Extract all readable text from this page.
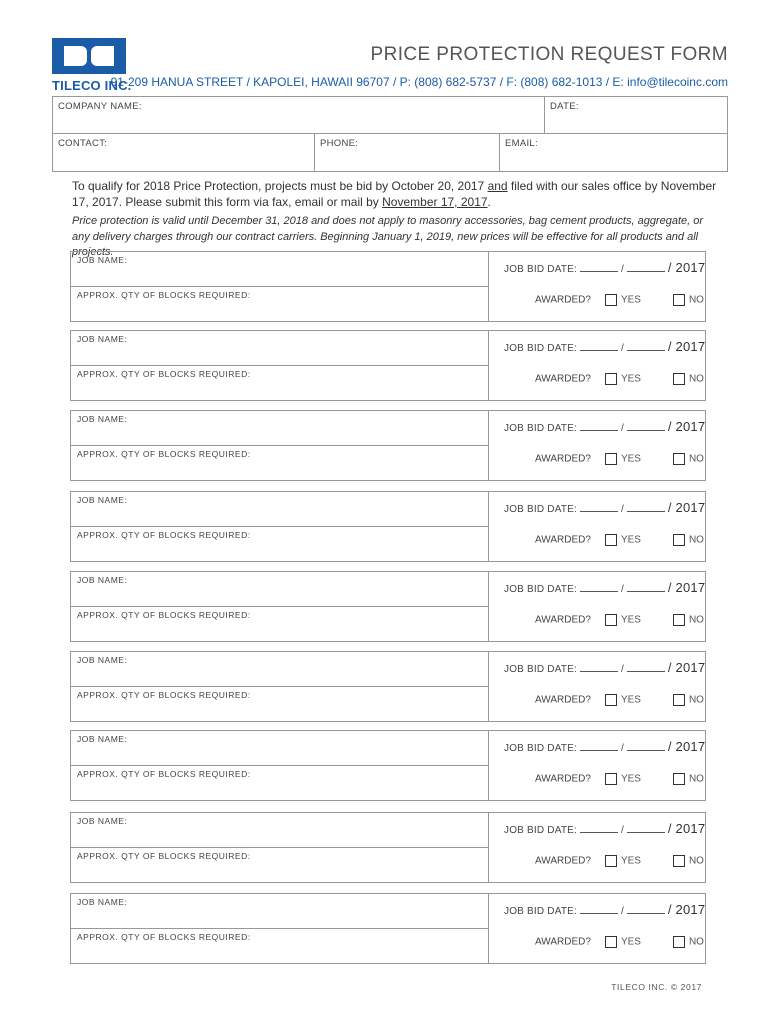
TILECO INC.
PRICE PROTECTION REQUEST FORM
91-209 HANUA STREET / KAPOLEI, HAWAII 96707 / P: (808) 682-5737 / F: (808) 682-1013 / E: info@tilecoinc.com
COMPANY NAME:	DATE:
CONTACT:	PHONE:	EMAIL:
To qualify for 2018 Price Protection, projects must be bid by October 20, 2017 and filed with our sales office by November 17, 2017. Please submit this form via fax, email or mail by November 17, 2017.
Price protection is valid until December 31, 2018 and does not apply to masonry accessories, bag cement products, aggregate, or any delivery charges through our contract carriers. Beginning January 1, 2019, new prices will be effective for all products and all projects.
JOB NAME:
APPROX. QTY OF BLOCKS REQUIRED:
JOB BID DATE:	/	/ 2017
AWARDED?	YES	NO
JOB NAME:
APPROX. QTY OF BLOCKS REQUIRED:
JOB BID DATE:	/	/ 2017
AWARDED?	YES	NO
JOB NAME:
APPROX. QTY OF BLOCKS REQUIRED:
JOB BID DATE:	/	/ 2017
AWARDED?	YES	NO
JOB NAME:
APPROX. QTY OF BLOCKS REQUIRED:
JOB BID DATE:	/	/ 2017
AWARDED?	YES	NO
JOB NAME:
APPROX. QTY OF BLOCKS REQUIRED:
JOB BID DATE:	/	/ 2017
AWARDED?	YES	NO
JOB NAME:
APPROX. QTY OF BLOCKS REQUIRED:
JOB BID DATE:	/	/ 2017
AWARDED?	YES	NO
JOB NAME:
APPROX. QTY OF BLOCKS REQUIRED:
JOB BID DATE:	/	/ 2017
AWARDED?	YES	NO
JOB NAME:
APPROX. QTY OF BLOCKS REQUIRED:
JOB BID DATE:	/	/ 2017
AWARDED?	YES	NO
JOB NAME:
APPROX. QTY OF BLOCKS REQUIRED:
JOB BID DATE:	/	/ 2017
AWARDED?	YES	NO
TILECO INC. © 2017
